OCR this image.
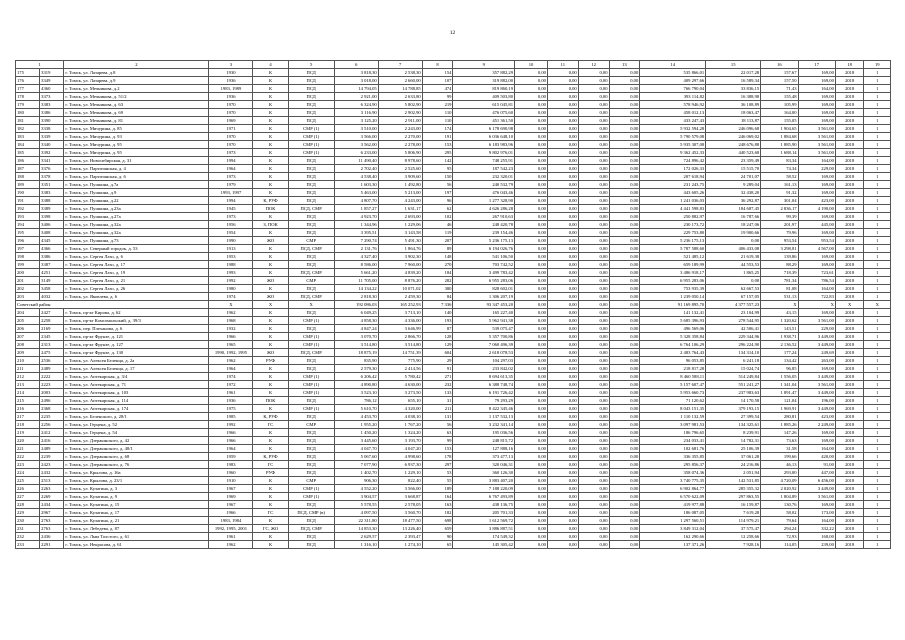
12
1		2	3	4	5	6	7	8	9	10	11	12	13	14	15	16	17	18	19
175	3319	г. Томск, ул. Лазарева, д.8	1930	К	ПСД	3 818,30	2 538,30	154	357 882,29	0,00	0,00	0,00	0,00	535 866,01	22 017,28	157,67	169,00	2018	1
176	3349	г. Томск, ул. Лазарева, д.9	1936	К	ПСД	3 018,00	2 660,00	107	319 882,00	0,00	0,00	0,00	0,00	409 297,66	16 589,34	157,50	169,00	2018	1
177	4360	г. Томск, ул. Мечникова, д.2	1983, 1989	К	ПСД	14 794,05	14 788,85	474	819 860,19	0,00	0,00	0,00	0,00	766 790,04	33 836,15	71,43	164,00	2018	1
178	3373	г. Томск, ул. Мечникова, д. 51/2	1936	К	ПСД	2 921,00	2 633,80	99	409 503,80	0,00	0,00	0,00	0,00	393 114,82	16 388,98	155,48	169,00	2018	1
179	3383	г. Томск, ул. Мечникова, д. 63	1970	К	ПСД	6 324,90	5 802,90	219	615 045,81	0,00	0,00	0,00	0,00	578 946,92	36 108,89	105,99	169,00	2018	1
180	3386	г. Томск, ул. Мечникова, д. 69	1970	К	ПСД	3 116,90	2 902,90	110	476 075,60	0,00	0,00	0,00	0,00	458 012,13	18 063,47	164,00	169,00	2018	1
181	3390	г. Томск, ул. Мечникова, д. 81	1969	К	ПСД	3 125,20	2 911,00	110	451 361,50	0,00	0,00	0,00	0,00	433 247,43	18 113,87	155,05	169,00	2018	1
182	3338	г. Томск, ул. Мичурина, д. 85	1971	К	СМР (1)	3 510,00	2 243,00	174	6 178 690,98	0,00	0,00	0,00	0,00	5 932 594,28	246 096,68	1 904,65	3 561,00	2018	1
183	3339	г. Томск, ул. Мичурина, д. 93	1970	К	СМР (1)	3 566,00	2 270,00	191	6 036 648,10	0,00	0,00	0,00	0,00	5 790 579,08	246 069,02	1 884,68	3 561,00	2018	1
184	3340	г. Томск, ул. Мичурина, д. 95	1970	К	СМР (1)	3 562,00	2 278,00	153	6 183 983,96	0,00	0,00	0,00	0,00	5 935 307,08	248 676,88	1 885,90	3 561,00	2018	1
185	3392	г. Томск, ул. Мичурина, д. 95	1973	К	СМР (1)	6 233,00	5 806,90	295	9 802 976,01	0,00	0,00	0,00	0,00	9 362 452,33	440 523,68	1 688,14	3 561,00	2018	1
186	3341	г. Томск, ул. Новосибирская, д. 31	1994	К	ПСД	11 490,40	8 978,60	142	748 255,91	0,00	0,00	0,00	0,00	724 896,42	23 359,49	83,34	164,00	2018	1
187	3376	г. Томск, ул. Партизанская, д. 4	1964	К	ПСД	2 702,40	2 525,60	95	187 542,23	0,00	0,00	0,00	0,00	172 026,33	15 515,70	74,34	229,00	2018	1
188	3378	г. Томск, ул. Партизанская, д. 6	1973	К	ПСД	4 538,40	3 909,60	150	232 320,01	0,00	0,00	0,00	0,00	207 618,94	24 701,07	58,52	169,00	2018	1
189	3351	г. Томск, ул. Пушкина, д.7а	1979	К	ПСД	1 603,30	1 492,80	56	240 532,79	0,00	0,00	0,00	0,00	231 243,75	9 289,04	161,13	169,00	2018	1
190	3383	г. Томск, ул. Пушкина, д.9	1993, 1997	К	ПСД	5 463,00	5 213,00	197	476 043,46	0,00	0,00	0,00	0,00	443 605,26	32 438,20	91,32	169,00	2018	1
191	3388	г. Томск, ул. Пушкина, д.22	1994	К, РУФ	ПСД	4 807,70	4 243,00	96	1 277 328,90	0,00	0,00	0,00	0,00	1 241 036,03	36 292,87	301,04	423,00	2018	1
192	3389	г. Томск, ул. Пушкина, д.23а	1945	ПОК	ПСД, СМР	1 857,27	1 631,17	62	4 626 286,28	0,00	0,00	0,00	0,00	4 441 598,83	184 687,45	2 836,17	4 190,00	2018	1
193	3398	г. Томск, ул. Пушкина, д.27а	1973	К	ПСД	4 923,70	2 693,00	102	267 910,63	0,00	0,00	0,00	0,00	250 882,97	16 787,66	99,39	169,00	2018	1
194	3406	г. Томск, ул. Пушкина, д.32а	1956	З, ПОК	ПСД	1 344,96	1 229,06	46	248 420,78	0,00	0,00	0,00	0,00	230 173,72	18 247,06	201,97	445,00	2018	1
195	3408	г. Томск, ул. Пушкина, д.32а	1954	К	ПСД	3 395,51	3 143,58	119	239 154,46	0,00	0,00	0,00	0,00	229 753,80	19 900,66	79,96	169,00	2018	1
196	4345	г. Томск, ул. Пушкина, д.73	1990	ЖО	СМР	7 290,74	5 491,30	207	5 236 175,13	0,00	0,00	0,00	0,00	5 236 175,13	0,00	953,54	953,54	2018	1
197	4366	г. Томск, ул. Северный городок, д. 53	1913	К	ПСД, СМР	2 131,76	1 864,76	89	6 194 026,76	0,00	0,00	0,00	0,00	5 787 588,60	406 433,08	3 298,81	4 567,00	2018	1
198	3386	г. Томск, ул. Сергея Лазо, д. 6	1953	К	ПСД	4 327,40	3 902,30	148	541 106,50	0,00	0,00	0,00	0,00	521 485,12	21 619,38	139,86	169,00	2018	1
199	3387	г. Томск, ул. Сергея Лазо, д. 17	1988	К	ПСД	8 586,00	7 960,00	270	703 742,52	0,00	0,00	0,00	0,00	659 189,99	44 553,53	88,29	169,00	2018	1
200	4251	г. Томск, ул. Сергея Лазо, д. 19	1993	К	ПСД, СМР	5 661,20	4 839,20	184	3 499 783,42	0,00	0,00	0,00	0,00	3 486 918,17	1 865,25	718,39	723,61	2018	1
201	3149	г. Томск, ул. Сергея Лазо, д. 21	1992	ЖО	СМР	11 705,00	8 876,20	282	6 955 283,06	0,00	0,00	0,00	0,00	6 955 283,06	0,00	781,34	786,54	2018	1
202	3458	г. Томск, ул. Сергея Лазо, д. 26	1980	К	ПСД	14 134,22	10 071,02	380	828 602,01	0,00	0,00	0,00	0,00	753 935,39	62 667,53	81,08	164,00	2018	1
203	4032	г. Томск, ул. Яковлева, д. 6	1974	ЖО	ПСД, СМР	2 818,30	2 459,30	84	1 306 207,19	0,00	0,00	0,00	0,00	1 239 050,14	67 157,05	531,13	722,83	2018	1
Советский район			X	X	X	192 086,03	165 252,93	7 336	93 347 453,20	0,00	0,00	0,00	0,00	91 169 895,70	4 377 557,23	X	X	X	X
204	2427	г. Томск, пр-кт Кирова, д. 62	1962	К	ПСД	6 049,25	3 713,10	140	165 227,40	0,00	0,00	0,00	0,00	141 132,41	23 104,99	43,15	169,00	2018	1
205	2258	г. Томск, пр-кт Комсомольский, д. 39/3	1968	К	СМР (1)	4 858,30	4 336,00	193	5 962 941,38	0,00	0,00	0,00	0,00	5 685 396,93	278 544,95	1 320,62	3 561,00	2018	1
206	2169	г. Томск, пер. Плеханова, д. 6	1932	К	ПСД	4 847,24	3 646,99	87	539 075,47	0,00	0,00	0,00	0,00	496 569,06	42 506,41	143,51	229,00	2018	1
207	2345	г. Томск, пр-кт Фрунзе, д. 121	1966	К	СМР (1)	3 070,70	2 866,70	128	5 357 700,86	0,00	0,00	0,00	0,00	5 328 358,84	229 344,96	1 938,71	3 449,00	2018	1
208	2313	г. Томск, пр-кт Фрунзе, д. 127	1965	К	СМР (1)	3 514,80	3 514,80	129	7 060 496,39	0,00	0,00	0,00	0,00	6 764 106,29	296 224,90	2 136,52	3 449,00	2018	1
209	2475	г. Томск, пр-кт Фрунзе, д. 130	1990, 1992, 1995	ЖО	ПСД, СМР	18 875,19	14 751,39	604	2 618 078,53	0,00	0,00	0,00	0,00	2 483 764,43	134 314,10	177,24	249,69	2018	1
210	2536	г. Томск, ул. Алексея Беленца, д. 2а	1962	РУФ	ПСД	835,90	775,90	29	104 297,03	0,00	0,00	0,00	0,00	96 053,85	6 241,18	134,42	263,00	2018	1
211	2489	г. Томск, ул. Алексея Беленца, д. 17	1964	К	ПСД	2 579,30	2 414,56	91	233 842,02	0,00	0,00	0,00	0,00	218 817,28	15 024,74	96,85	169,00	2018	1
212	2222	г. Томск, ул. Аптекарская, д. 3/4	1974	К	СМР (1)	6 206,42	5 780,42	271	8 694 613,35	0,00	0,00	0,00	0,00	8 460 588,11	514 249,84	1 556,05	3 449,00	2018	1
213	2223	г. Томск, ул. Аптекарская, д. 71	1972	К	СМР (1)	4 890,80	4 630,00	232	6 388 748,74	0,00	0,00	0,00	0,00	5 157 607,47	551 241,27	1 341,04	3 561,00	2018	1
214	2003	г. Томск, ул. Аптекарская, д. 103	1961	К	СМР (1)	3 523,10	3 273,50	133	6 191 726,42	0,00	0,00	0,00	0,00	5 953 660,73	237 983,63	1 891,47	3 449,00	2018	1
215	2496	г. Томск, ул. Аптекарская, д. 114	1936	ПОК	ПСД	786,12	655,10	31	79 293,29	0,00	0,00	0,00	0,00	71 120,62	14 170,58	121,04	196,00	2018	1
216	2368	г. Томск, ул. Аптекарская, д. 174	1975	К	СМР (1)	5 610,70	4 320,00	211	8 422 345,46	0,00	0,00	0,00	0,00	8 043 151,35	379 193,15	1 969,91	3 449,00	2018	1
217	2235	г. Томск, ул. Беленского, д. 28/1	1985	К, РУФ	ПСД	4 453,70	4 038,10	131	1 137 532,13	0,00	0,00	0,00	0,00	1 110 132,59	27 399,54	280,81	423,00	2018	1
218	2256	г. Томск, ул. Герцена, д. 52	1992	ГС	СМР	1 955,20	1 767,20	56	3 232 341,14	0,00	0,00	0,00	0,00	3 097 981,53	134 325,61	1 885,26	2 249,00	2018	1
219	2412	г. Томск, ул. Герцена, д. 54	1966	К	ПСД	1 450,20	1 324,20	63	195 036,56	0,00	0,00	0,00	0,00	186 796,65	8 239,91	147,26	169,00	2018	1
220	2416	г. Томск, ул. Дзержинского, д. 42	1966	К	ПСД	3 445,60	3 193,70	99	248 815,72	0,00	0,00	0,00	0,00	234 033,41	14 782,31	73,63	169,00	2018	1
221	2489	г. Томск, ул. Дзержинского, д. 48/1	1964	К	ПСД	4 047,70	4 047,20	153	127 888,16	0,00	0,00	0,00	0,00	102 681,76	25 106,39	31,58	164,00	2018	1
222	2239	г. Томск, ул. Дзержинского, д. 68	1959	К, РУФ	ПСД	5 067,60	4 998,60	178	373 477,13	0,00	0,00	0,00	0,00	336 355,85	37 061,28	199,66	420,00	2018	1
223	2423	г. Томск, ул. Дзержинского, д. 76	1983	ГС	ПСД	7 077,90	6 937,30	297	320 046,31	0,00	0,00	0,00	0,00	295 856,37	24 216,86	46,13	91,00	2018	1
224	2432	г. Томск, ул. Крылова, д. 16а	1960	РУФ	ПСД	1 402,70	1 229,10	53	360 126,30	0,00	0,00	0,00	0,00	358 074,36	2 051,94	293,00	447,00	2018	1
225	2513	г. Томск, ул. Крылова, д. 23/1	1910	К	СМР	906,30	822,40	55	3 883 407,20	0,00	0,00	0,00	0,00	3 740 775,35	142 531,85	4 720,09	6 456,00	2018	1
226	2263	г. Томск, ул. Кулагина, д. 3	1967	К	СМР (1)	4 552,20	3 566,00	189	7 188 220,09	0,00	0,00	0,00	0,00	6 902 864,77	285 355,32	2 020,92	3 449,00	2018	1
227	2269	г. Томск, ул. Кулагина, д. 9	1969	К	СМР (1)	3 904,57	3 668,87	164	6 767 493,89	0,00	0,00	0,00	0,00	6 570 622,09	297 863,55	1 804,89	3 561,00	2018	1
228	2434	г. Томск, ул. Кулагина, д. 15	1967	К	ПСД	5 578,55	2 578,05	163	438 136,75	0,00	0,00	0,00	0,00	419 977,88	16 159,87	130,76	169,00	2018	1
229	2967	г. Томск, ул. Кулагина, д. 17	1966	ГС	ПСД, СМР (в)	4 097,50	3 560,70	182	205 701,33	0,00	0,00	0,00	0,00	186 087,05	7 619,28	58,02	173,00	2019	1
230	2763	г. Томск, ул. Кулагина, д. 21	1983, 1984	К	ПСД	22 311,80	18 477,50	698	1 612 569,72	0,00	0,00	0,00	0,00	1 297 560,51	114 979,21	79,64	164,00	2018	1
231	2763	г. Томск, ул. Лебедева, д. 87	1992, 1995, 2001	ГС, ЖО	ПСД, СМР	14 853,30	13 226,40	659	3 886 887,51	0,00	0,00	0,00	0,00	3 849 312,04	37 575,47	294,24	332,22	2018	1
232	2436	г. Томск, ул. Льва Толстого, д. 61	1961	К	ПСД	2 629,57	2 393,47	90	174 549,32	0,00	0,00	0,00	0,00	162 290,66	12 258,66	72,93	168,00	2018	1
233	2291	г. Томск, ул. Некрасова, д. 61	1962	К	ПСД	1 316,10	1 274,10	65	145 305,42	0,00	0,00	0,00	0,00	137 371,26	7 928,16	114,05	239,00	2018	1
